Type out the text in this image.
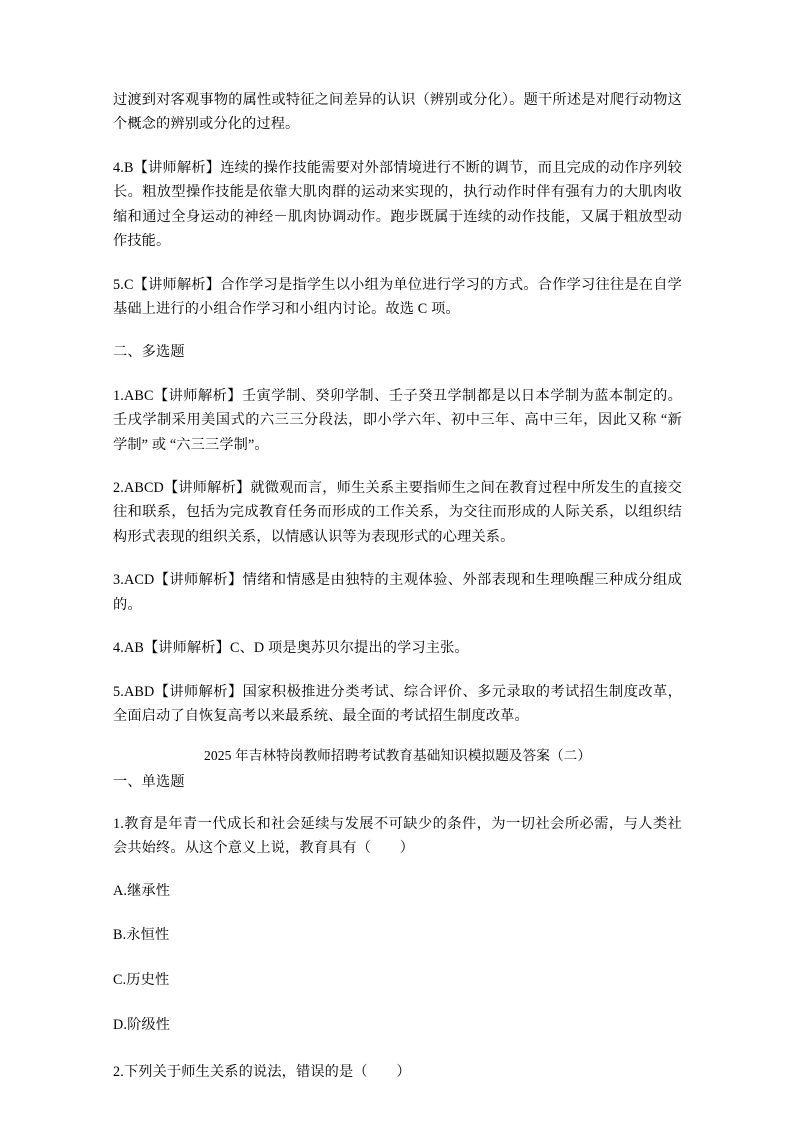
过渡到对客观事物的属性或特征之间差异的认识（辨别或分化）。题干所述是对爬行动物这个概念的辨别或分化的过程。

4.B【讲师解析】连续的操作技能需要对外部情境进行不断的调节，而且完成的动作序列较长。粗放型操作技能是依靠大肌肉群的运动来实现的，执行动作时伴有强有力的大肌肉收缩和通过全身运动的神经－肌肉协调动作。跑步既属于连续的动作技能，又属于粗放型动作技能。

5.C【讲师解析】合作学习是指学生以小组为单位进行学习的方式。合作学习往往是在自学基础上进行的小组合作学习和小组内讨论。故选 C 项。

二、多选题

1.ABC【讲师解析】壬寅学制、癸卯学制、壬子癸丑学制都是以日本学制为蓝本制定的。壬戌学制采用美国式的六三三分段法，即小学六年、初中三年、高中三年，因此又称 “新学制” 或 “六三三学制”。

2.ABCD【讲师解析】就微观而言，师生关系主要指师生之间在教育过程中所发生的直接交往和联系，包括为完成教育任务而形成的工作关系，为交往而形成的人际关系，以组织结构形式表现的组织关系，以情感认识等为表现形式的心理关系。

3.ACD【讲师解析】情绪和情感是由独特的主观体验、外部表现和生理唤醒三种成分组成的。

4.AB【讲师解析】C、D 项是奥苏贝尔提出的学习主张。

5.ABD【讲师解析】国家积极推进分类考试、综合评价、多元录取的考试招生制度改革，全面启动了自恢复高考以来最系统、最全面的考试招生制度改革。

2025 年吉林特岗教师招聘考试教育基础知识模拟题及答案（二）

一、单选题

1.教育是年青一代成长和社会延续与发展不可缺少的条件，为一切社会所必需，与人类社会共始终。从这个意义上说，教育具有（　　）

A.继承性

B.永恒性

C.历史性

D.阶级性

2.下列关于师生关系的说法，错误的是（　　）
